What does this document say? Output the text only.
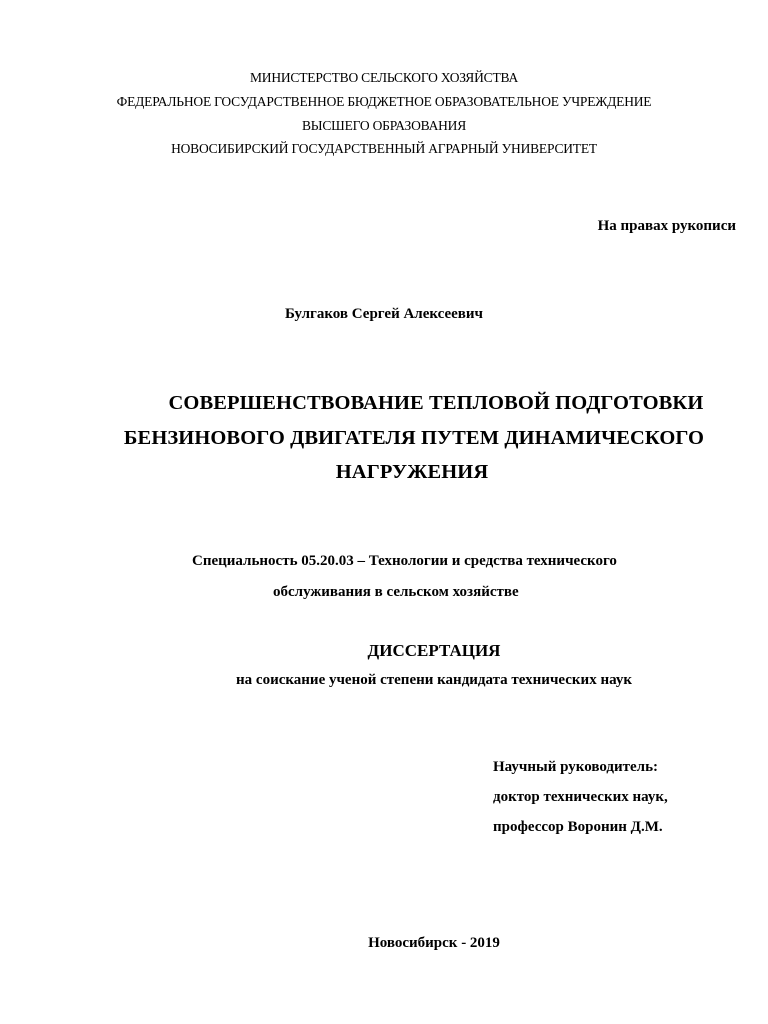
МИНИСТЕРСТВО СЕЛЬСКОГО ХОЗЯЙСТВА
ФЕДЕРАЛЬНОЕ ГОСУДАРСТВЕННОЕ БЮДЖЕТНОЕ ОБРАЗОВАТЕЛЬНОЕ УЧРЕЖДЕНИЕ
ВЫСШЕГО ОБРАЗОВАНИЯ
НОВОСИБИРСКИЙ ГОСУДАРСТВЕННЫЙ АГРАРНЫЙ УНИВЕРСИТЕТ
На правах рукописи
Булгаков Сергей Алексеевич
СОВЕРШЕНСТВОВАНИЕ ТЕПЛОВОЙ ПОДГОТОВКИ
БЕНЗИНОВОГО ДВИГАТЕЛЯ ПУТЕМ ДИНАМИЧЕСКОГО
НАГРУЖЕНИЯ
Специальность 05.20.03 – Технологии и средства технического
обслуживания в сельском хозяйстве
ДИССЕРТАЦИЯ
на соискание ученой степени кандидата технических наук
Научный руководитель:
доктор технических наук,
профессор Воронин Д.М.
Новосибирск - 2019
